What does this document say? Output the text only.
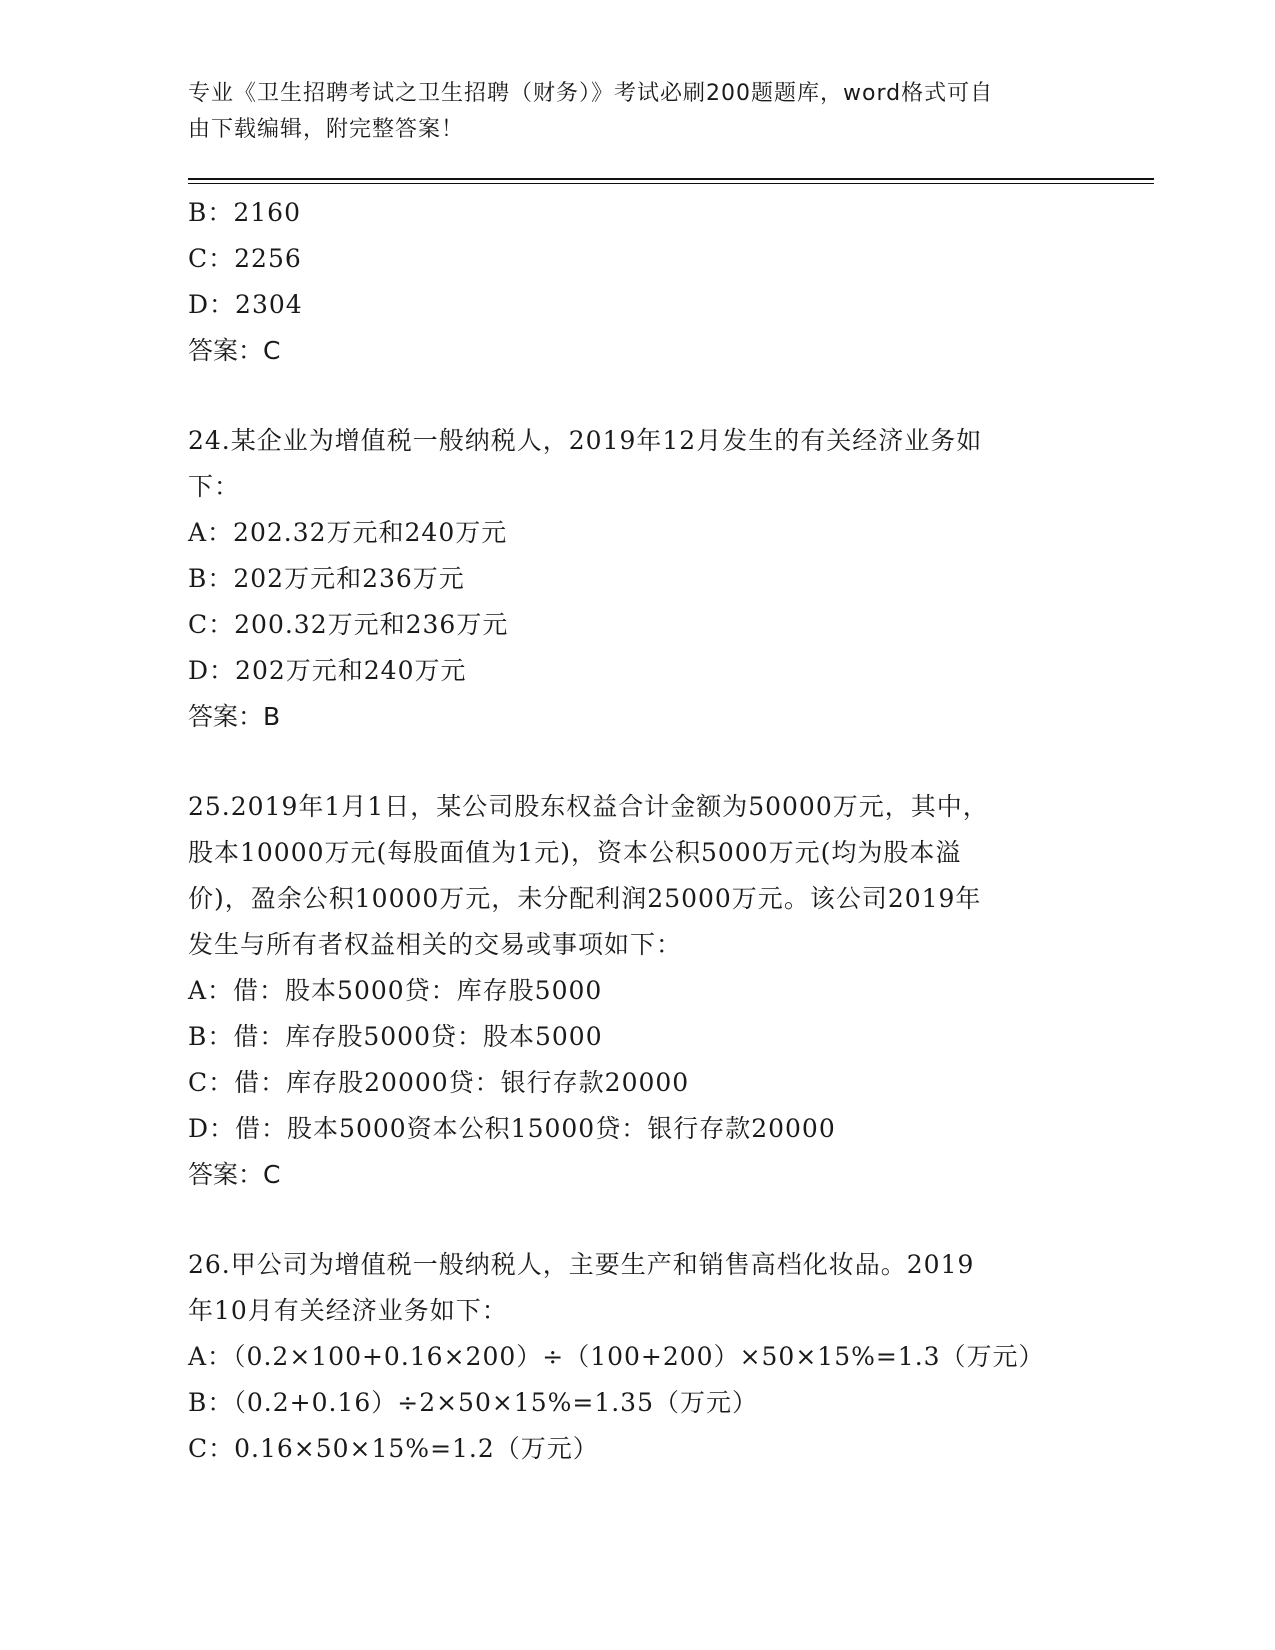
专业《卫生招聘考试之卫生招聘（财务）》考试必刷200题题库，word格式可自
由下载编辑，附完整答案！
B：2160
C：2256
D：2304
答案：C
24.某企业为增值税一般纳税人，2019年12月发生的有关经济业务如
下：
A：202.32万元和240万元
B：202万元和236万元
C：200.32万元和236万元
D：202万元和240万元
答案：B
25.2019年1月1日，某公司股东权益合计金额为50000万元，其中，
股本10000万元(每股面值为1元)，资本公积5000万元(均为股本溢
价)，盈余公积10000万元，未分配利润25000万元。该公司2019年
发生与所有者权益相关的交易或事项如下：
A：借：股本5000贷：库存股5000
B：借：库存股5000贷：股本5000
C：借：库存股20000贷：银行存款20000
D：借：股本5000资本公积15000贷：银行存款20000
答案：C
26.甲公司为增值税一般纳税人，主要生产和销售高档化妆品。2019
年10月有关经济业务如下：
A：（0.2×100+0.16×200）÷（100+200）×50×15%=1.3（万元）
B：（0.2+0.16）÷2×50×15%=1.35（万元）
C：0.16×50×15%=1.2（万元）
